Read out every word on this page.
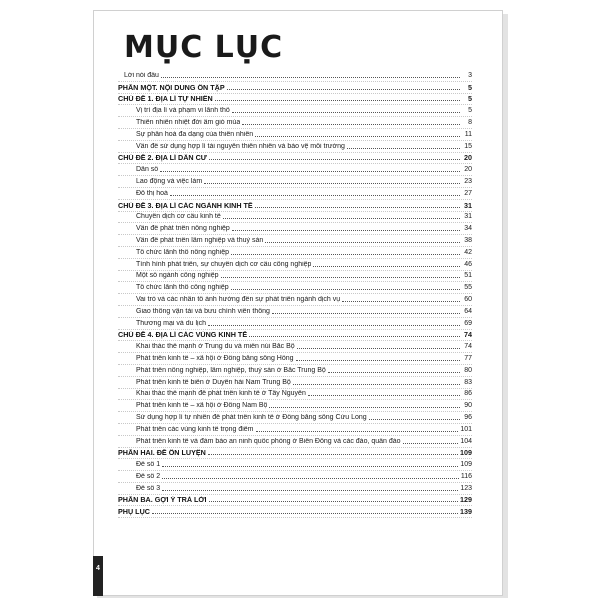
MỤC LỤC
Lời nói đầu	3
PHẦN MỘT. NỘI DUNG ÔN TẬP	5
CHỦ ĐỀ 1. ĐỊA LÍ TỰ NHIÊN	5
Vị trí địa lí và phạm vi lãnh thổ	5
Thiên nhiên nhiệt đới ẩm gió mùa	8
Sự phân hoá đa dạng của thiên nhiên	11
Vấn đề sử dụng hợp lí tài nguyên thiên nhiên và bảo vệ môi trường	15
CHỦ ĐỀ 2. ĐỊA LÍ DÂN CƯ	20
Dân số	20
Lao động và việc làm	23
Đô thị hoá	27
CHỦ ĐỀ 3. ĐỊA LÍ CÁC NGÀNH KINH TẾ	31
Chuyển dịch cơ cấu kinh tế	31
Vấn đề phát triển nông nghiệp	34
Vấn đề phát triển lâm nghiệp và thuỷ sản	38
Tổ chức lãnh thổ nông nghiệp	42
Tình hình phát triển, sự chuyển dịch cơ cấu công nghiệp	46
Một số ngành công nghiệp	51
Tổ chức lãnh thổ công nghiệp	55
Vai trò và các nhân tố ảnh hưởng đến sự phát triển ngành dịch vụ	60
Giao thông vận tải và bưu chính viễn thông	64
Thương mại và du lịch	69
CHỦ ĐỀ 4. ĐỊA LÍ CÁC VÙNG KINH TẾ	74
Khai thác thế mạnh ở Trung du và miền núi Bắc Bộ	74
Phát triển kinh tế – xã hội ở Đồng bằng sông Hồng	77
Phát triển nông nghiệp, lâm nghiệp, thuỷ sản ở Bắc Trung Bộ	80
Phát triển kinh tế biển ở Duyên hải Nam Trung Bộ	83
Khai thác thế mạnh để phát triển kinh tế ở Tây Nguyên	86
Phát triển kinh tế – xã hội ở Đông Nam Bộ	90
Sử dụng hợp lí tự nhiên để phát triển kinh tế ở Đồng bằng sông Cửu Long	96
Phát triển các vùng kinh tế trọng điểm	101
Phát triển kinh tế và đảm bảo an ninh quốc phòng ở Biển Đông và các đảo, quần đảo	104
PHẦN HAI. ĐỀ ÔN LUYỆN	109
Đề số 1	109
Đề số 2	116
Đề số 3	123
PHẦN BA. GỢI Ý TRẢ LỜI	129
PHỤ LỤC	139
4
